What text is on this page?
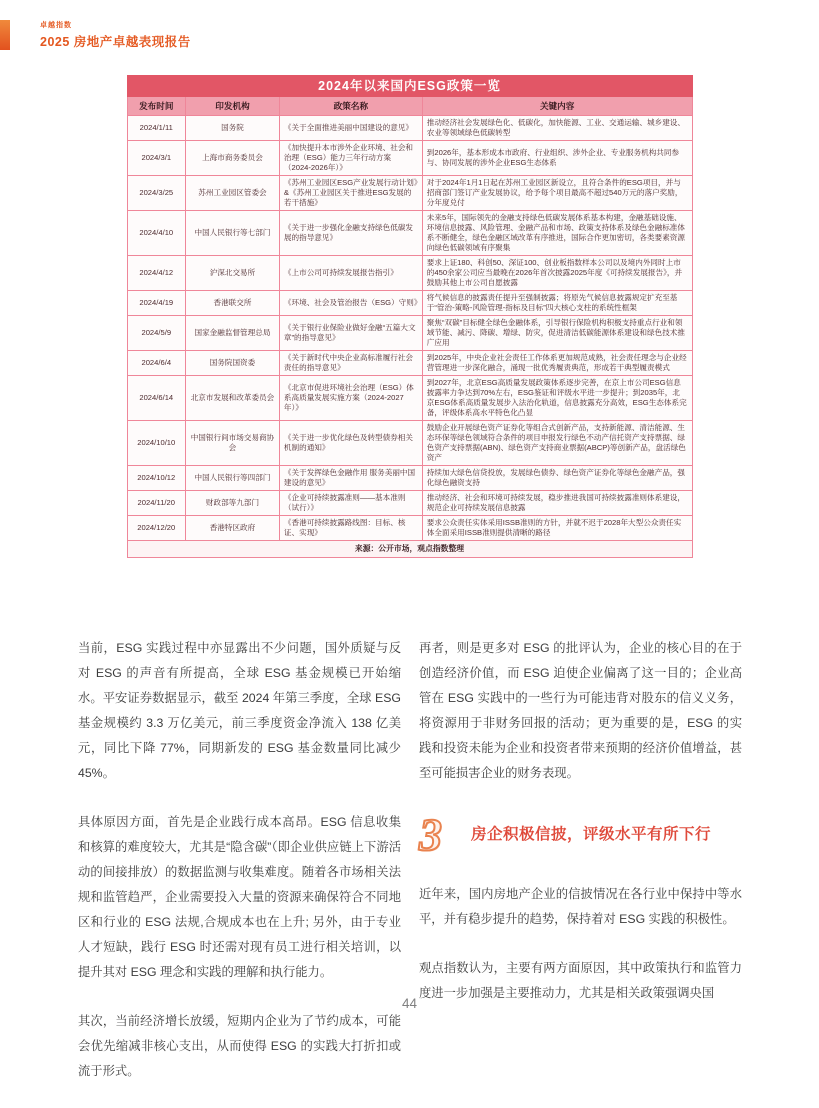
卓越指数
2025 房地产卓越表现报告
2024年以来国内ESG政策一览			
发布时间	印发机构	政策名称	关键内容
2024/1/11	国务院	《关于全面推进美丽中国建设的意见》	推动经济社会发展绿色化、低碳化，加快能源、工业、交通运输、城乡建设、农业等领域绿色低碳转型
2024/3/1	上海市商务委员会	《加快提升本市涉外企业环境、社会和治理（ESG）能力三年行动方案（2024-2026年）》	到2026年，基本形成本市政府、行业组织、涉外企业、专业服务机构共同参与、协同发展的涉外企业ESG生态体系
2024/3/25	苏州工业园区管委会	《苏州工业园区ESG产业发展行动计划》&《苏州工业园区关于推进ESG发展的若干措施》	对于2024年1月1日起在苏州工业园区新设立，且符合条件的ESG项目，并与招商部门签订产业发展协议，给予每个项目最高不超过540万元的落户奖励，分年度兑付
2024/4/10	中国人民银行等七部门	《关于进一步强化金融支持绿色低碳发展的指导意见》	未来5年，国际领先的金融支持绿色低碳发展体系基本构建，金融基础设施、环境信息披露、风险管理、金融产品和市场、政策支持体系及绿色金融标准体系不断健全，绿色金融区域改革有序推进，国际合作更加密切，各类要素资源向绿色低碳领域有序聚集
2024/4/12	沪深北交易所	《上市公司可持续发展报告指引》	要求上证180、科创50、深证100、创业板指数样本公司以及境内外同时上市的450余家公司应当最晚在2026年首次披露2025年度《可持续发展报告》，并鼓励其他上市公司自愿披露
2024/4/19	香港联交所	《环境、社会及管治报告（ESG）守则》	将气候信息的披露责任提升至强制披露；将原先气候信息披露规定扩充至基于“管治-策略-风险管理-指标及目标”四大核心支柱的系统性框架
2024/5/9	国家金融监督管理总局	《关于银行业保险业做好金融“五篇大文章”的指导意见》	聚焦“双碳”目标健全绿色金融体系，引导银行保险机构积极支持重点行业和领域节能、减污、降碳、增绿、防灾，促进清洁低碳能源体系建设和绿色技术推广应用
2024/6/4	国务院国资委	《关于新时代中央企业高标准履行社会责任的指导意见》	到2025年，中央企业社会责任工作体系更加规范成熟，社会责任理念与企业经营管理进一步深化融合，涌现一批优秀履责典范，形成若干典型履责模式
2024/6/14	北京市发展和改革委员会	《北京市促进环境社会治理（ESG）体系高质量发展实施方案（2024-2027年）》	到2027年，北京ESG高质量发展政策体系逐步完善，在京上市公司ESG信息披露率力争达到70%左右，ESG鉴证和评级水平进一步提升；到2035年，北京ESG体系高质量发展步入法治化轨道，信息披露充分高效，ESG生态体系完备，评级体系高水平特色化凸显
2024/10/10	中国银行间市场交易商协会	《关于进一步优化绿色及转型债券相关机制的通知》	鼓励企业开展绿色资产证券化等组合式创新产品，支持新能源、清洁能源、生态环保等绿色领域符合条件的项目申报发行绿色不动产信托资产支持票据、绿色资产支持票据(ABN)、绿色资产支持商业票据(ABCP)等创新产品，盘活绿色资产
2024/10/12	中国人民银行等四部门	《关于发挥绿色金融作用 服务美丽中国建设的意见》	持续加大绿色信贷投放，发展绿色债券、绿色资产证券化等绿色金融产品，强化绿色融资支持
2024/11/20	财政部等九部门	《企业可持续披露准则——基本准则（试行）》	推动经济、社会和环境可持续发展，稳步推进我国可持续披露准则体系建设，规范企业可持续发展信息披露
2024/12/20	香港特区政府	《香港可持续披露路线图：目标、核证、实现》	要求公众责任实体采用ISSB准则的方针，并就不迟于2028年大型公众责任实体全面采用ISSB准则提供清晰的路径
来源：公开市场，观点指数整理			

当前，ESG 实践过程中亦显露出不少问题，国外质疑与反对 ESG 的声音有所提高，全球 ESG 基金规模已开始缩水。平安证券数据显示，截至 2024 年第三季度，全球 ESG 基金规模约 3.3 万亿美元，前三季度资金净流入 138 亿美元，同比下降 77%，同期新发的 ESG 基金数量同比减少 45%。

具体原因方面，首先是企业践行成本高昂。ESG 信息收集和核算的难度较大，尤其是“隐含碳”（即企业供应链上下游活动的间接排放）的数据监测与收集难度。随着各市场相关法规和监管趋严，企业需要投入大量的资源来确保符合不同地区和行业的 ESG 法规,合规成本也在上升; 另外，由于专业人才短缺，践行 ESG 时还需对现有员工进行相关培训，以提升其对 ESG 理念和实践的理解和执行能力。

其次，当前经济增长放缓，短期内企业为了节约成本，可能会优先缩减非核心支出，从而使得 ESG 的实践大打折扣或流于形式。

再者，则是更多对 ESG 的批评认为，企业的核心目的在于创造经济价值，而 ESG 迫使企业偏离了这一目的；企业高管在 ESG 实践中的一些行为可能违背对股东的信义义务，将资源用于非财务回报的活动；更为重要的是，ESG 的实践和投资未能为企业和投资者带来预期的经济价值增益，甚至可能损害企业的财务表现。

3	房企积极信披，评级水平有所下行

近年来，国内房地产企业的信披情况在各行业中保持中等水平，并有稳步提升的趋势，保持着对 ESG 实践的积极性。

观点指数认为，主要有两方面原因，其中政策执行和监管力度进一步加强是主要推动力，尤其是相关政策强调央国

44
